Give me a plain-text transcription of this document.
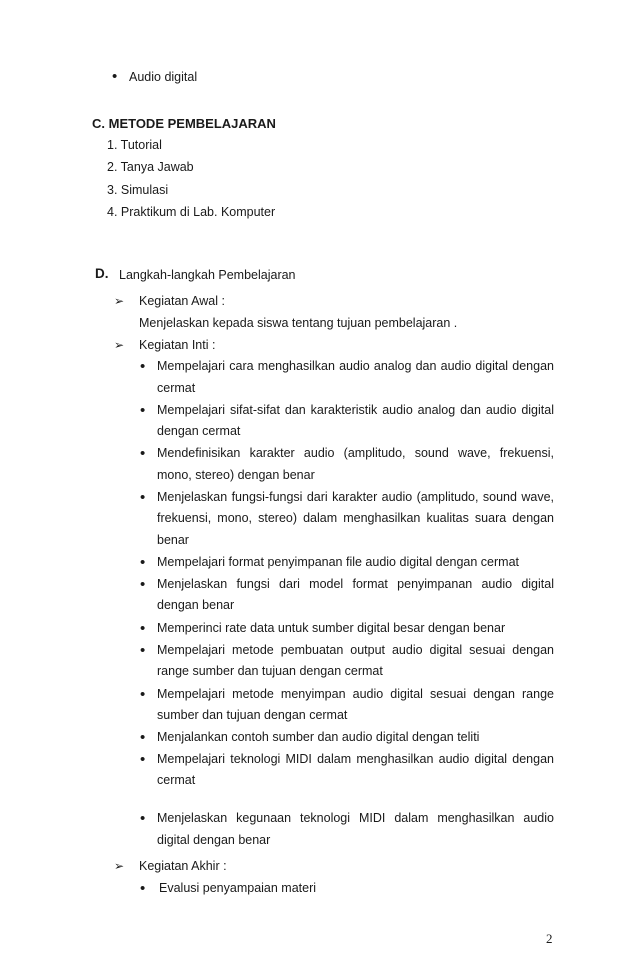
• Audio digital
C. METODE PEMBELAJARAN
1. Tutorial
2. Tanya Jawab
3. Simulasi
4. Praktikum di Lab. Komputer
D. Langkah-langkah Pembelajaran
➢ Kegiatan Awal :
Menjelaskan kepada siswa tentang tujuan pembelajaran .
➢ Kegiatan Inti :
• Mempelajari cara menghasilkan audio analog dan audio digital dengan
cermat
• Mempelajari sifat-sifat dan karakteristik audio analog dan audio digital
dengan cermat
• Mendefinisikan karakter audio (amplitudo, sound wave, frekuensi,
mono, stereo) dengan benar
• Menjelaskan fungsi-fungsi dari karakter audio (amplitudo, sound wave,
frekuensi, mono, stereo) dalam menghasilkan kualitas suara dengan
benar
• Mempelajari format penyimpanan file audio digital dengan cermat
• Menjelaskan fungsi dari model format penyimpanan audio digital
dengan benar
• Memperinci rate data untuk sumber digital besar dengan benar
• Mempelajari metode pembuatan output audio digital sesuai dengan
range sumber dan tujuan dengan cermat
• Mempelajari metode menyimpan audio digital sesuai dengan range
sumber dan tujuan dengan cermat
• Menjalankan contoh sumber dan audio digital dengan teliti
• Mempelajari teknologi MIDI dalam menghasilkan audio digital dengan
cermat
• Menjelaskan kegunaan teknologi MIDI dalam menghasilkan audio
digital dengan benar
➢ Kegiatan Akhir :
• Evalusi penyampaian materi
2
